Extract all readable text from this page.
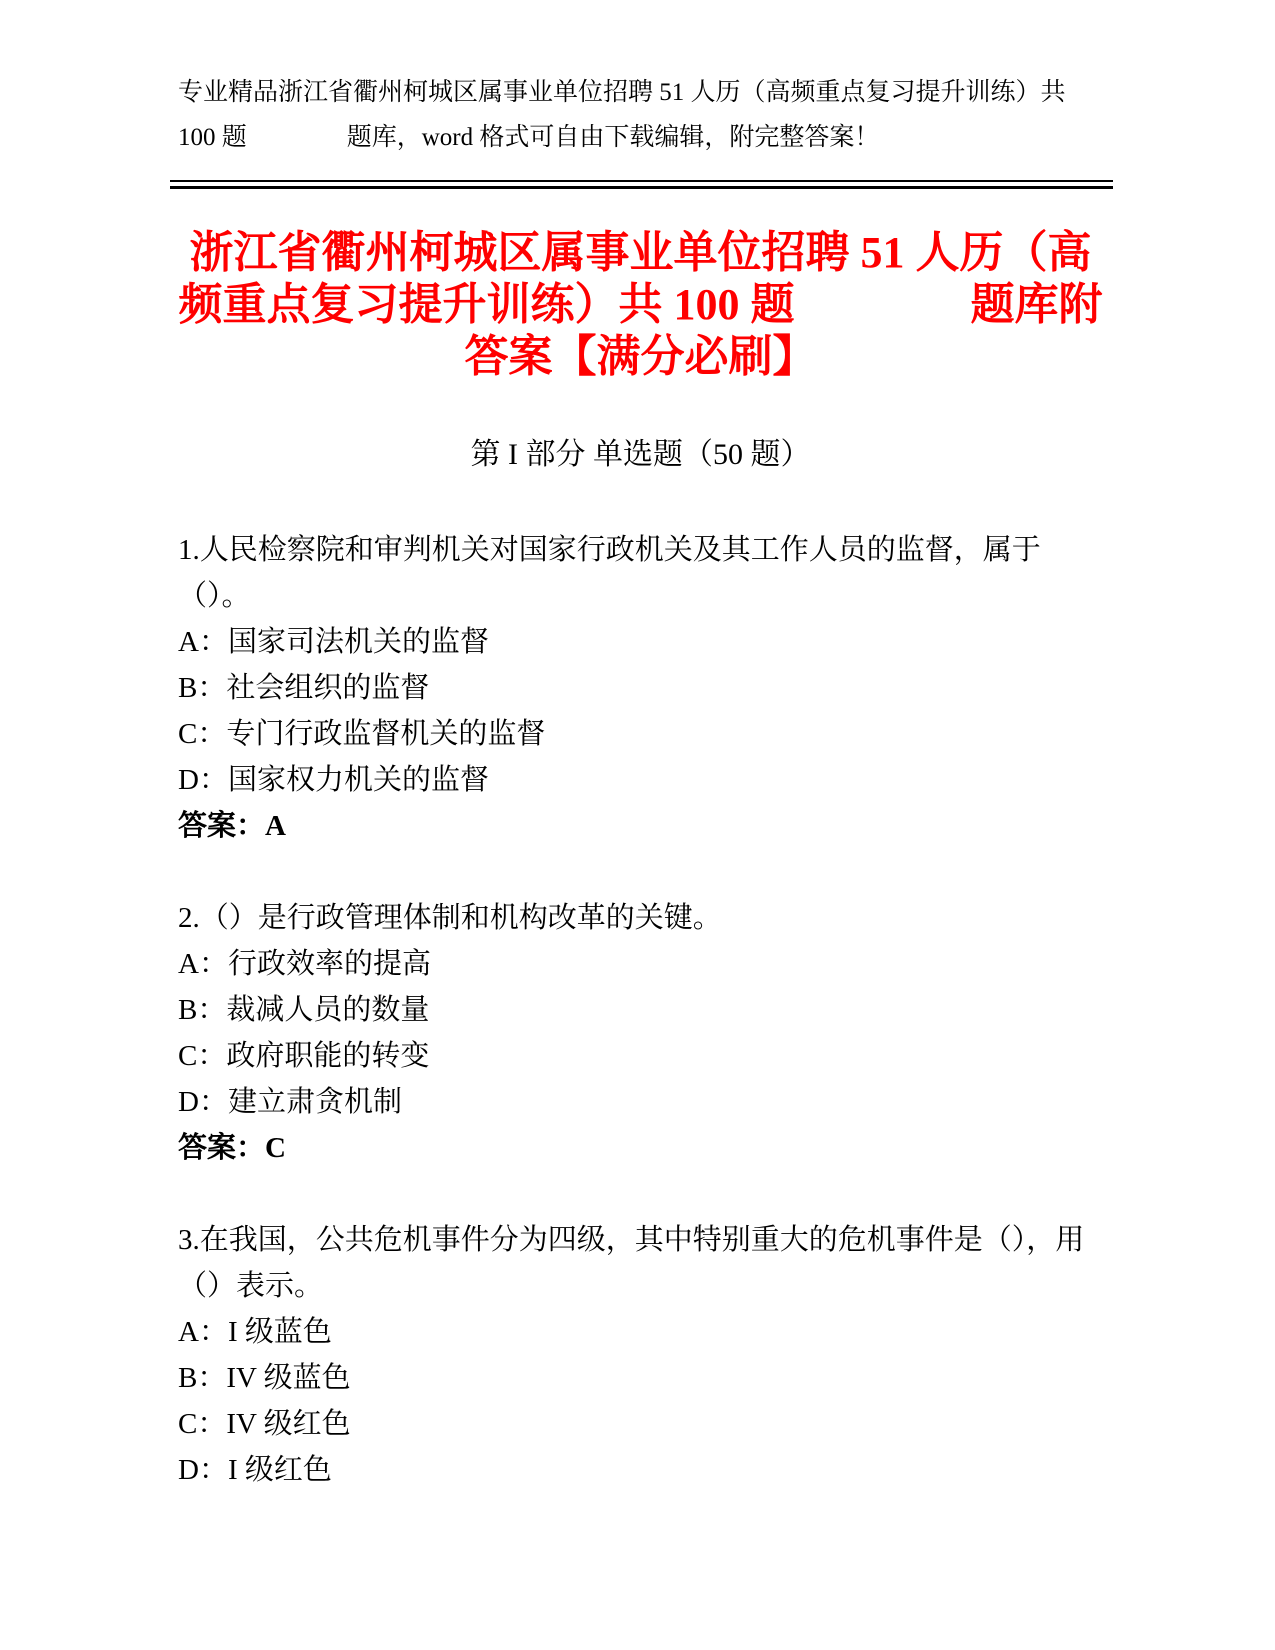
专业精品浙江省衢州柯城区属事业单位招聘 51 人历（高频重点复习提升训练）共 100 题　　　　题库，word 格式可自由下载编辑，附完整答案！

浙江省衢州柯城区属事业单位招聘 51 人历（高频重点复习提升训练）共 100 题　　　　题库附答案【满分必刷】
第 I 部分 单选题（50 题）

1.人民检察院和审判机关对国家行政机关及其工作人员的监督，属于（）。

A：国家司法机关的监督

B：社会组织的监督

C：专门行政监督机关的监督

D：国家权力机关的监督

答案：A

2.（）是行政管理体制和机构改革的关键。

A：行政效率的提高

B：裁减人员的数量

C：政府职能的转变

D：建立肃贪机制

答案：C

3.在我国，公共危机事件分为四级，其中特别重大的危机事件是（），用（）表示。

A：I 级蓝色

B：IV 级蓝色

C：IV 级红色

D：I 级红色
